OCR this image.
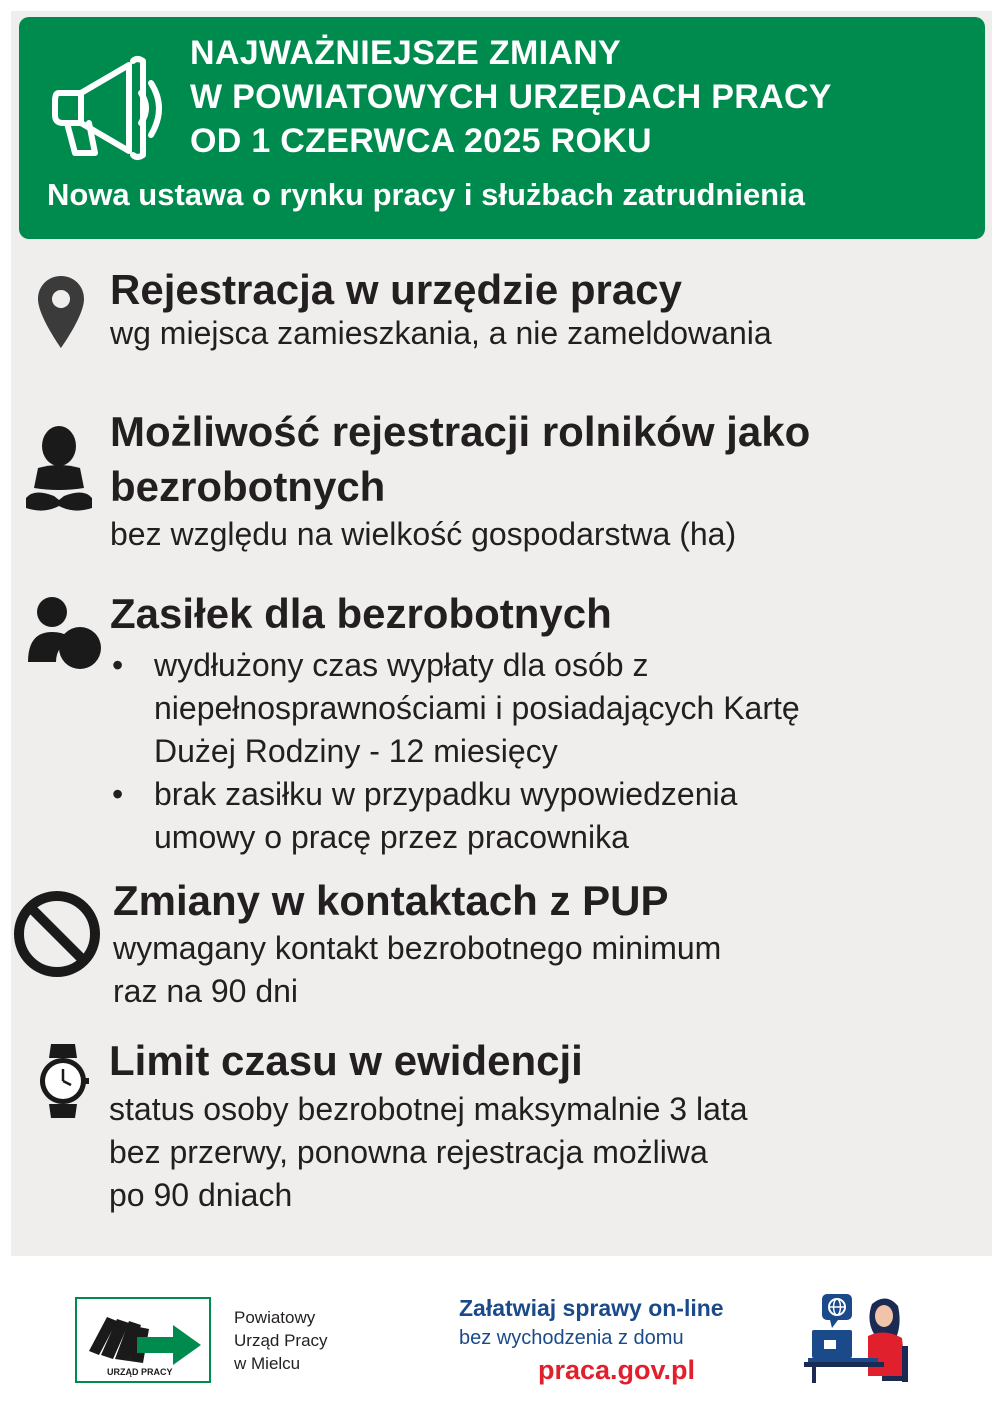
NAJWAŻNIEJSZE ZMIANY
W POWIATOWYCH URZĘDACH PRACY
OD 1 CZERWCA 2025 ROKU
Nowa ustawa o rynku pracy i służbach zatrudnienia
Rejestracja w urzędzie pracy
wg miejsca zamieszkania, a nie zameldowania
Możliwość rejestracji rolników jako
bezrobotnych
bez względu na wielkość gospodarstwa (ha)
Zasiłek dla bezrobotnych
• wydłużony czas wypłaty dla osób z
niepełnosprawnościami i posiadających Kartę
Dużej Rodziny - 12 miesięcy
• brak zasiłku w przypadku wypowiedzenia
umowy o pracę przez pracownika
Zmiany w kontaktach z PUP
wymagany kontakt bezrobotnego minimum
raz na 90 dni
Limit czasu w ewidencji
status osoby bezrobotnej maksymalnie 3 lata
bez przerwy, ponowna rejestracja możliwa
po 90 dniach
URZĄD PRACY
Powiatowy
Urząd Pracy
w Mielcu
Załatwiaj sprawy on-line
bez wychodzenia z domu
praca.gov.pl
